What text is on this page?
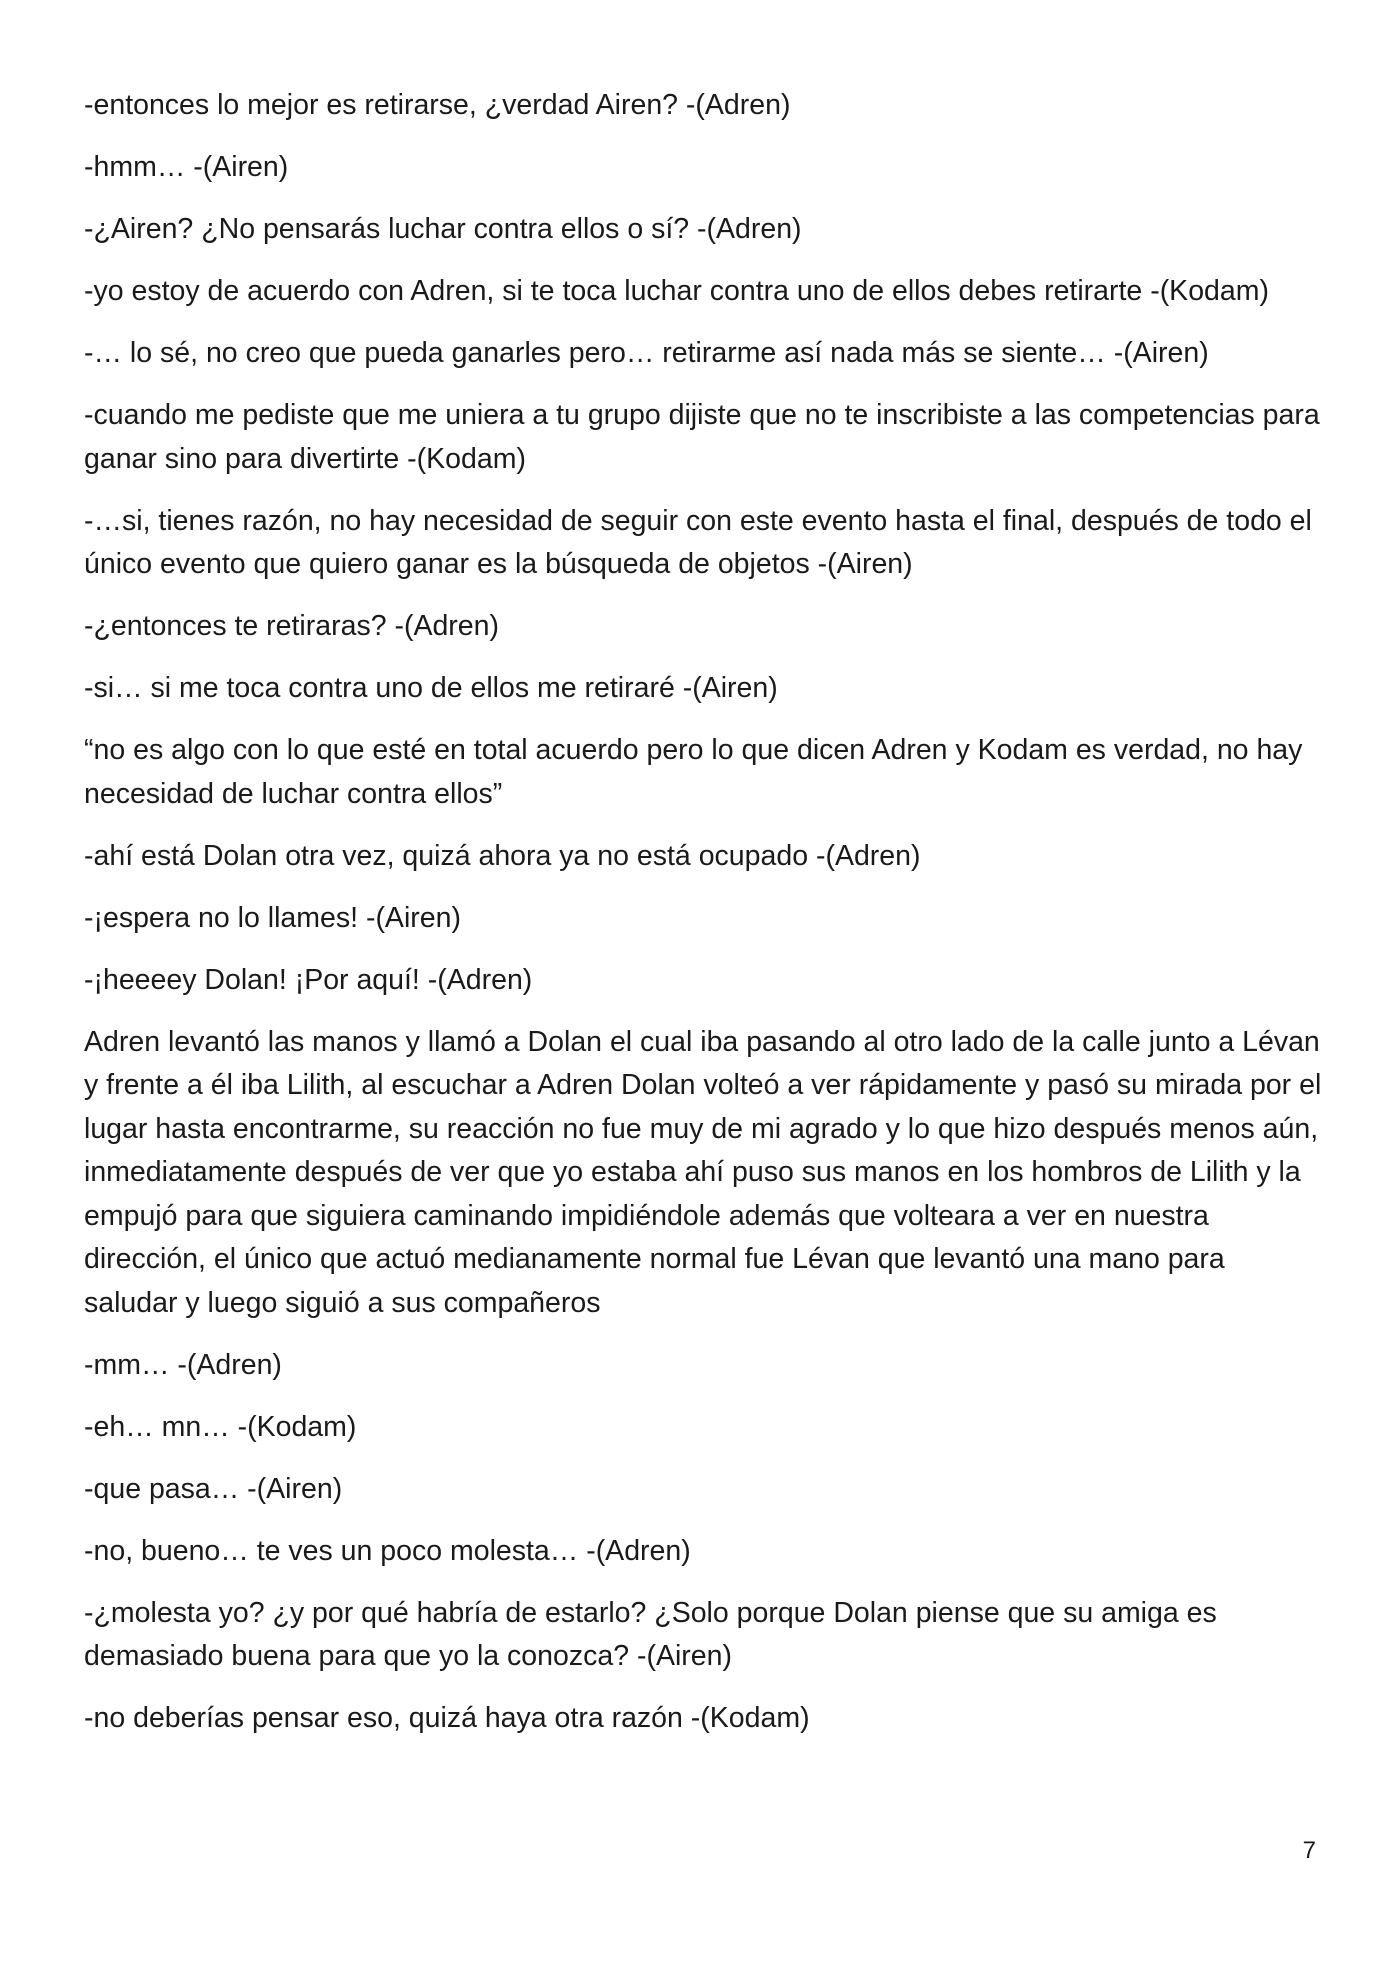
-entonces lo mejor es retirarse, ¿verdad Airen? -(Adren)

-hmm… -(Airen)

-¿Airen? ¿No pensarás luchar contra ellos o sí? -(Adren)

-yo estoy de acuerdo con Adren, si te toca luchar contra uno de ellos debes retirarte -(Kodam)

-… lo sé, no creo que pueda ganarles pero… retirarme así nada más se siente… -(Airen)

-cuando me pediste que me uniera a tu grupo dijiste que no te inscribiste a las competencias para ganar sino para divertirte -(Kodam)

-…si, tienes razón, no hay necesidad de seguir con este evento hasta el final, después de todo el único evento que quiero ganar es la búsqueda de objetos -(Airen)

-¿entonces te retiraras? -(Adren)

-si… si me toca contra uno de ellos me retiraré -(Airen)

“no es algo con lo que esté en total acuerdo pero lo que dicen Adren y Kodam es verdad, no hay necesidad de luchar contra ellos”

-ahí está Dolan otra vez, quizá ahora ya no está ocupado -(Adren)

-¡espera no lo llames! -(Airen)

-¡heeeey Dolan! ¡Por aquí! -(Adren)

Adren levantó las manos y llamó a Dolan el cual iba pasando al otro lado de la calle junto a Lévan y frente a él iba Lilith, al escuchar a Adren Dolan volteó a ver rápidamente y pasó su mirada por el lugar hasta encontrarme, su reacción no fue muy de mi agrado y lo que hizo después menos aún, inmediatamente después de ver que yo estaba ahí puso sus manos en los hombros de Lilith y la empujó para que siguiera caminando impidiéndole además que volteara a ver en nuestra dirección, el único que actuó medianamente normal fue Lévan que levantó una mano para saludar y luego siguió a sus compañeros

-mm… -(Adren)

-eh… mn… -(Kodam)

-que pasa… -(Airen)

-no, bueno… te ves un poco molesta… -(Adren)

-¿molesta yo? ¿y por qué habría de estarlo? ¿Solo porque Dolan piense que su amiga es demasiado buena para que yo la conozca? -(Airen)

-no deberías pensar eso, quizá haya otra razón -(Kodam)

7
